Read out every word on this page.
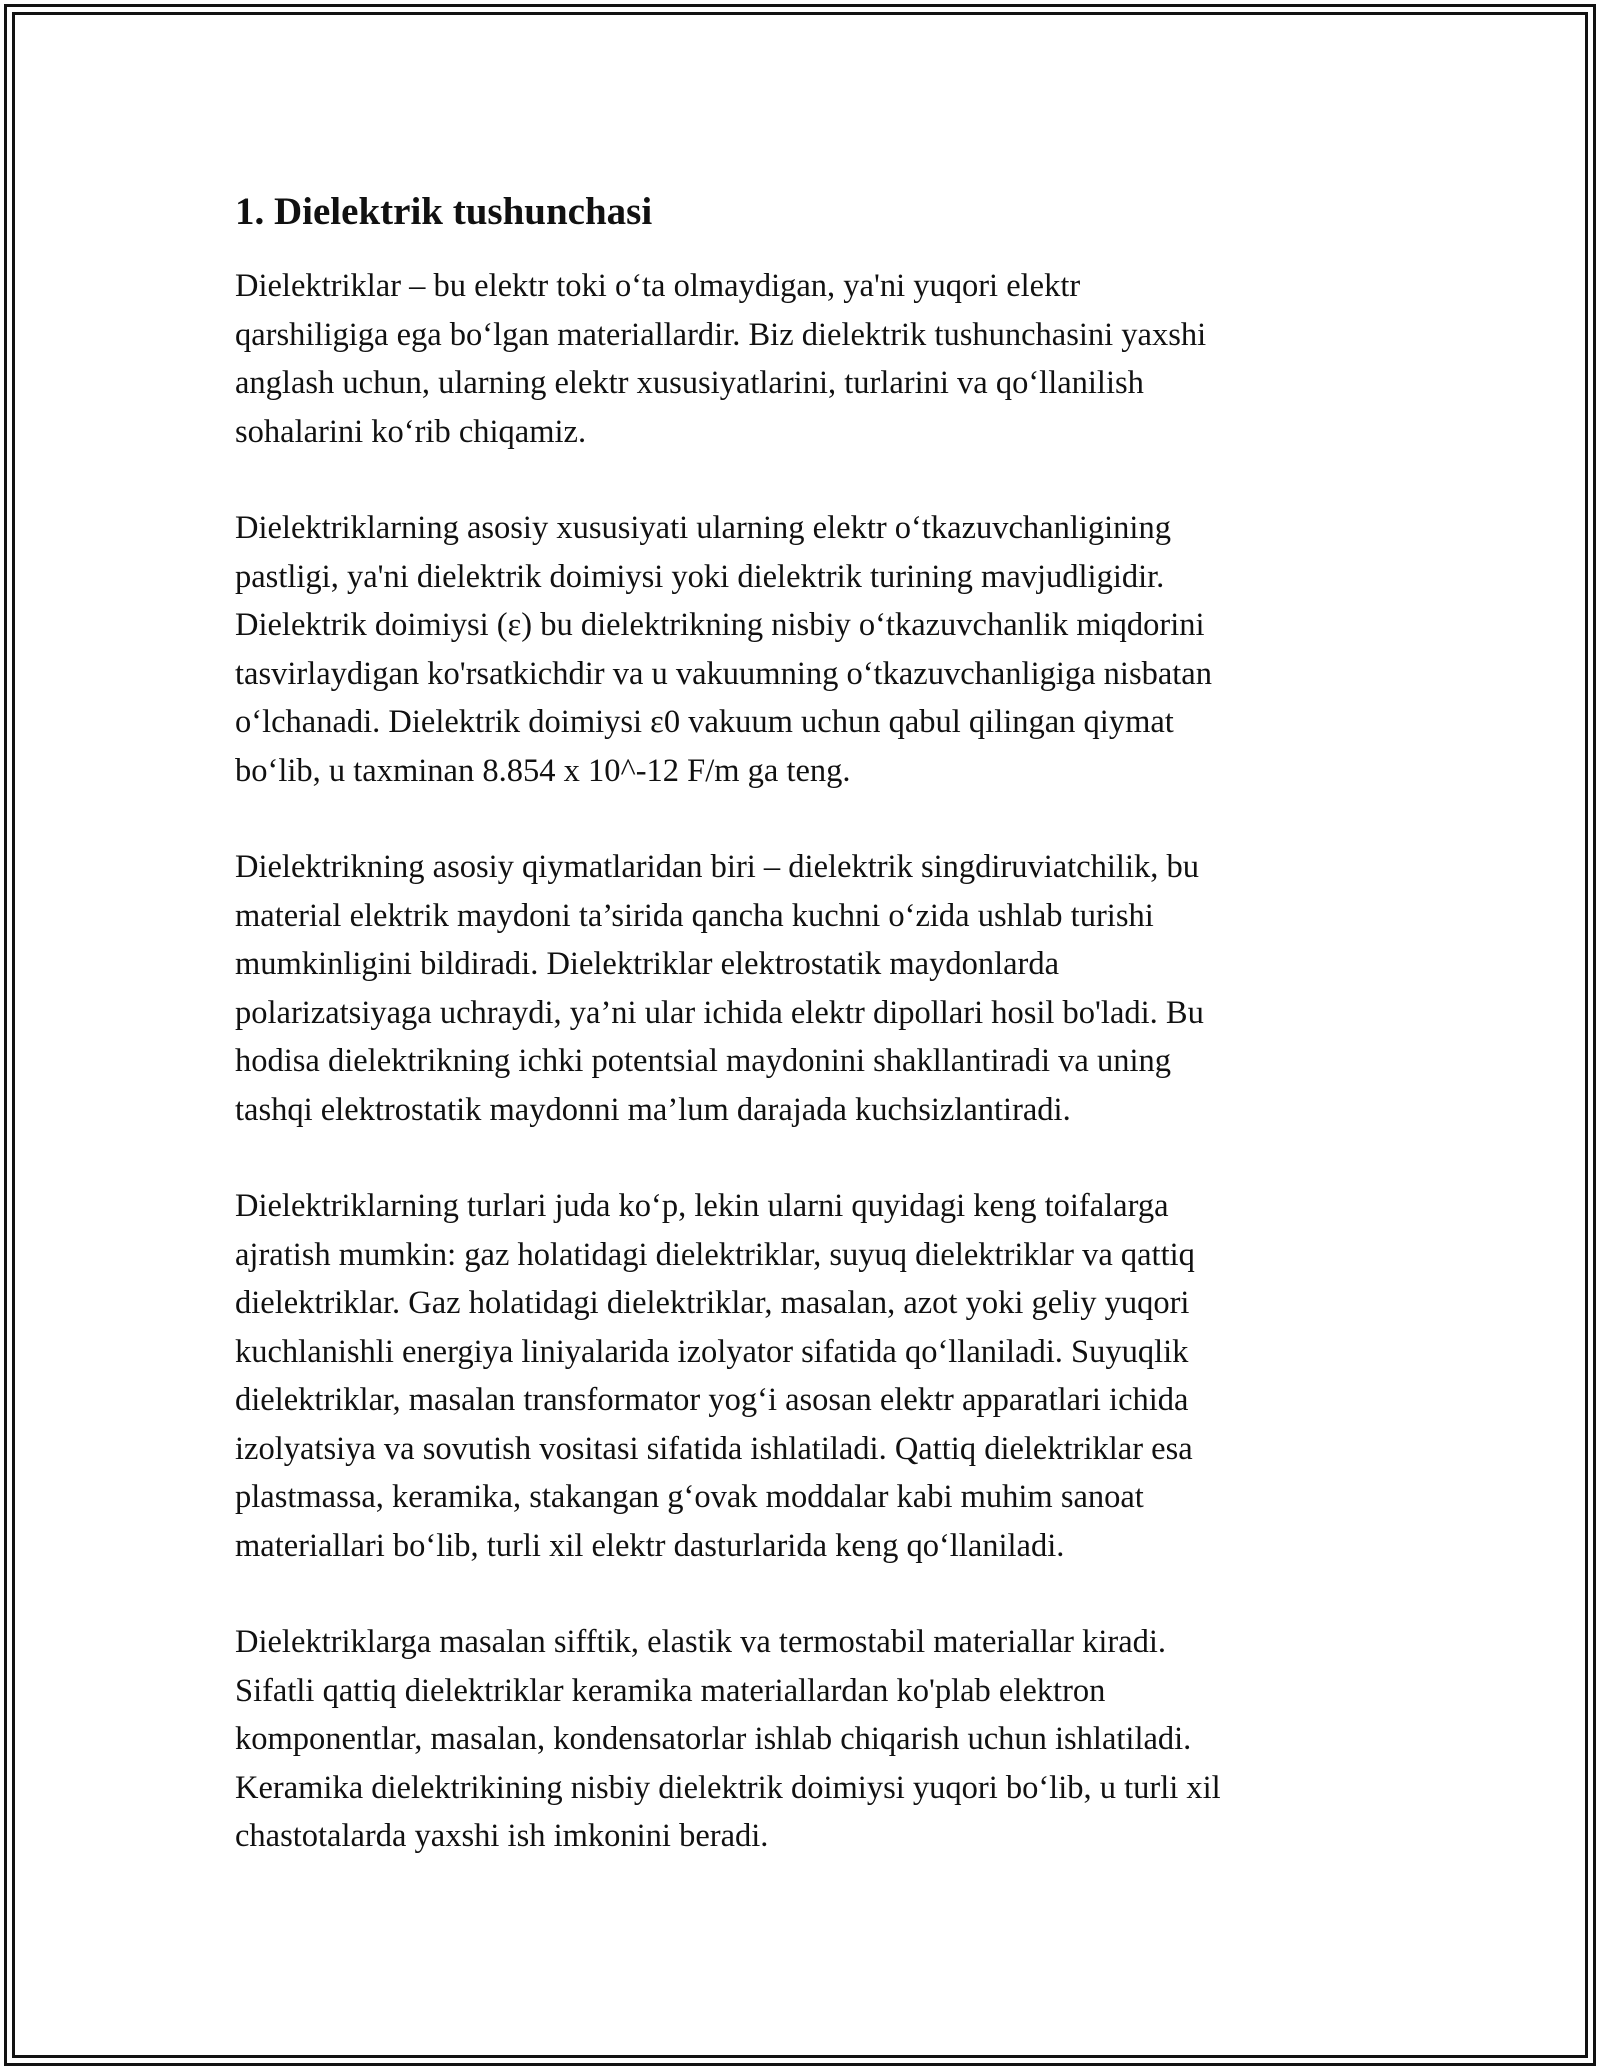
1. Dielektrik tushunchasi

Dielektriklar – bu elektr toki o‘ta olmaydigan, ya'ni yuqori elektr
qarshiligiga ega bo‘lgan materiallardir. Biz dielektrik tushunchasini yaxshi
anglash uchun, ularning elektr xususiyatlarini, turlarini va qo‘llanilish
sohalarini ko‘rib chiqamiz.

Dielektriklarning asosiy xususiyati ularning elektr o‘tkazuvchanligining
pastligi, ya'ni dielektrik doimiysi yoki dielektrik turining mavjudligidir.
Dielektrik doimiysi (ε) bu dielektrikning nisbiy o‘tkazuvchanlik miqdorini
tasvirlaydigan ko'rsatkichdir va u vakuumning o‘tkazuvchanligiga nisbatan
o‘lchanadi. Dielektrik doimiysi ε0 vakuum uchun qabul qilingan qiymat
bo‘lib, u taxminan 8.854 x 10^-12 F/m ga teng.

Dielektrikning asosiy qiymatlaridan biri – dielektrik singdiruviatchilik, bu
material elektrik maydoni ta’sirida qancha kuchni o‘zida ushlab turishi
mumkinligini bildiradi. Dielektriklar elektrostatik maydonlarda
polarizatsiyaga uchraydi, ya’ni ular ichida elektr dipollari hosil bo'ladi. Bu
hodisa dielektrikning ichki potentsial maydonini shakllantiradi va uning
tashqi elektrostatik maydonni ma’lum darajada kuchsizlantiradi.

Dielektriklarning turlari juda ko‘p, lekin ularni quyidagi keng toifalarga
ajratish mumkin: gaz holatidagi dielektriklar, suyuq dielektriklar va qattiq
dielektriklar. Gaz holatidagi dielektriklar, masalan, azot yoki geliy yuqori
kuchlanishli energiya liniyalarida izolyator sifatida qo‘llaniladi. Suyuqlik
dielektriklar, masalan transformator yog‘i asosan elektr apparatlari ichida
izolyatsiya va sovutish vositasi sifatida ishlatiladi. Qattiq dielektriklar esa
plastmassa, keramika, stakangan g‘ovak moddalar kabi muhim sanoat
materiallari bo‘lib, turli xil elektr dasturlarida keng qo‘llaniladi.

Dielektriklarga masalan sifftik, elastik va termostabil materiallar kiradi.
Sifatli qattiq dielektriklar keramika materiallardan ko'plab elektron
komponentlar, masalan, kondensatorlar ishlab chiqarish uchun ishlatiladi.
Keramika dielektrikining nisbiy dielektrik doimiysi yuqori bo‘lib, u turli xil
chastotalarda yaxshi ish imkonini beradi.
